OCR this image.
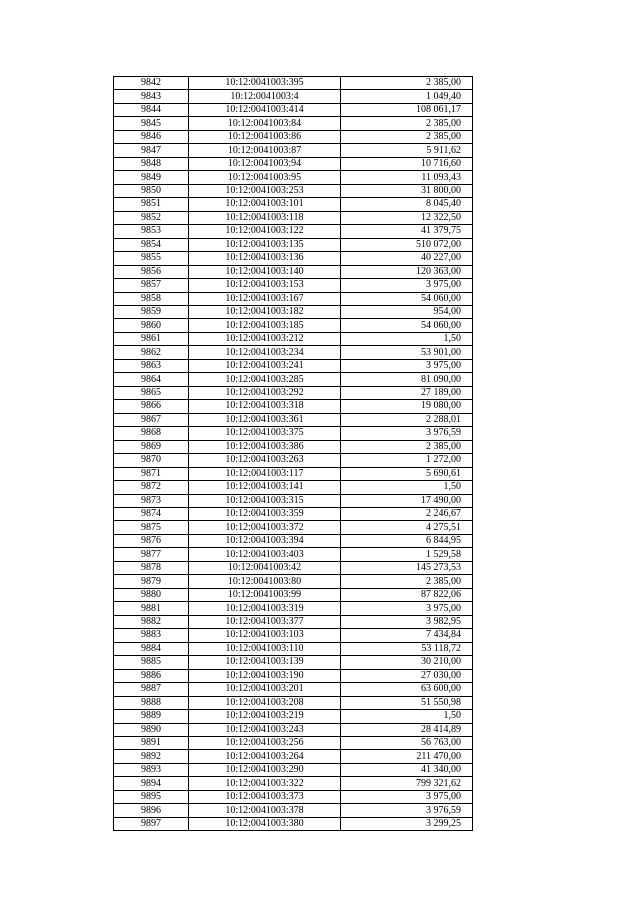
9842	10:12:0041003:395	2 385,00
9843	10:12:0041003:4	1 049,40
9844	10:12:0041003:414	108 061,17
9845	10:12:0041003:84	2 385,00
9846	10:12:0041003:86	2 385,00
9847	10:12:0041003:87	5 911,62
9848	10:12:0041003:94	10 716,60
9849	10:12:0041003:95	11 093,43
9850	10:12:0041003:253	31 800,00
9851	10:12:0041003:101	8 045,40
9852	10:12:0041003:118	12 322,50
9853	10:12:0041003:122	41 379,75
9854	10:12:0041003:135	510 072,00
9855	10:12:0041003:136	40 227,00
9856	10:12:0041003:140	120 363,00
9857	10:12:0041003:153	3 975,00
9858	10:12:0041003:167	54 060,00
9859	10:12:0041003:182	954,00
9860	10:12:0041003:185	54 060,00
9861	10:12:0041003:212	1,50
9862	10:12:0041003:234	53 901,00
9863	10:12:0041003:241	3 975,00
9864	10:12:0041003:285	81 090,00
9865	10:12:0041003:292	27 189,00
9866	10:12:0041003:318	19 080,00
9867	10:12:0041003:361	2 288,01
9868	10:12:0041003:375	3 976,59
9869	10:12:0041003:386	2 385,00
9870	10:12:0041003:263	1 272,00
9871	10:12:0041003:117	5 690,61
9872	10:12:0041003:141	1,50
9873	10:12:0041003:315	17 490,00
9874	10:12:0041003:359	2 246,67
9875	10:12:0041003:372	4 275,51
9876	10:12:0041003:394	6 844,95
9877	10:12:0041003:403	1 529,58
9878	10:12:0041003:42	145 273,53
9879	10:12:0041003:80	2 385,00
9880	10:12:0041003:99	87 822,06
9881	10:12:0041003:319	3 975,00
9882	10:12:0041003:377	3 982,95
9883	10:12:0041003:103	7 434,84
9884	10:12:0041003:110	53 118,72
9885	10:12:0041003:139	30 210,00
9886	10:12:0041003:190	27 030,00
9887	10:12:0041003:201	63 600,00
9888	10:12:0041003:208	51 550,98
9889	10:12:0041003:219	1,50
9890	10:12:0041003:243	28 414,89
9891	10:12:0041003:256	56 763,00
9892	10:12:0041003:264	211 470,00
9893	10:12:0041003:290	41 340,00
9894	10:12:0041003:322	799 321,62
9895	10:12:0041003:373	3 975,00
9896	10:12:0041003:378	3 976,59
9897	10:12:0041003:380	3 299,25
